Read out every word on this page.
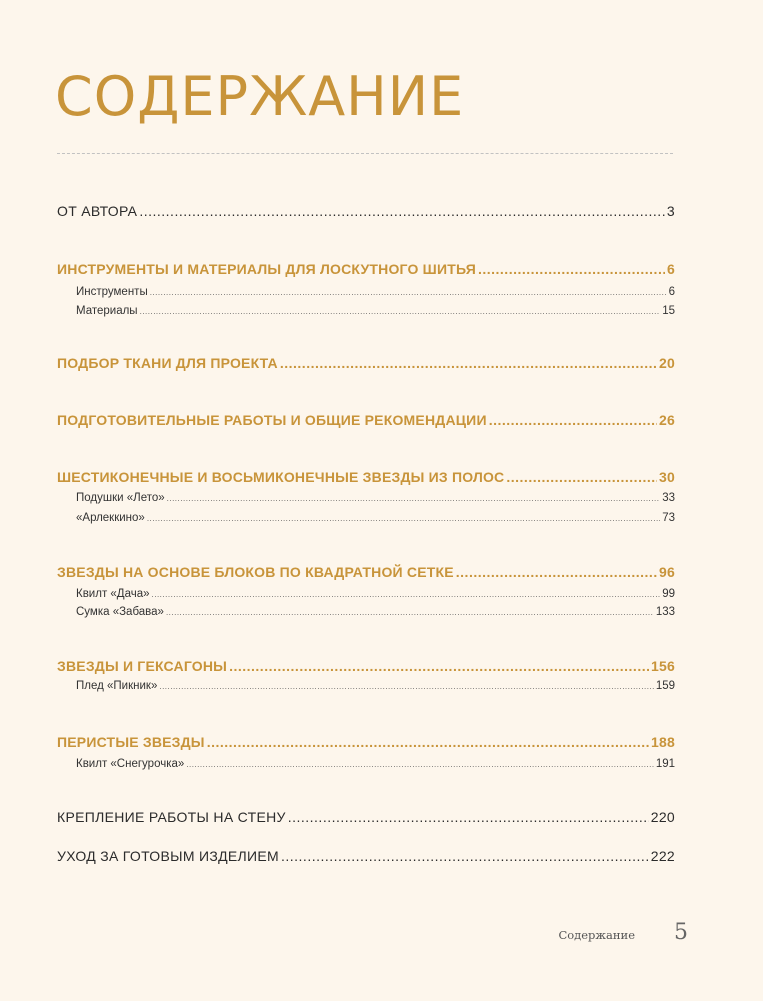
СОДЕРЖАНИЕ
ОТ АВТОРА .....	3
ИНСТРУМЕНТЫ И МАТЕРИАЛЫ ДЛЯ ЛОСКУТНОГО ШИТЬЯ .....	6
Инструменты .....	6
Материалы .....	15
ПОДБОР ТКАНИ ДЛЯ ПРОЕКТА .....	20
ПОДГОТОВИТЕЛЬНЫЕ РАБОТЫ И ОБЩИЕ РЕКОМЕНДАЦИИ .....	26
ШЕСТИКОНЕЧНЫЕ И ВОСЬМИКОНЕЧНЫЕ ЗВЕЗДЫ ИЗ ПОЛОС .....	30
Подушки «Лето» .....	33
«Арлеккино» .....	73
ЗВЕЗДЫ НА ОСНОВЕ БЛОКОВ ПО КВАДРАТНОЙ СЕТКЕ .....	96
Квилт «Дача» .....	99
Сумка «Забава» .....	133
ЗВЕЗДЫ И ГЕКСАГОНЫ .....	156
Плед «Пикник» .....	159
ПЕРИСТЫЕ ЗВЕЗДЫ .....	188
Квилт «Снегурочка» .....	191
КРЕПЛЕНИЕ РАБОТЫ НА СТЕНУ .....	220
УХОД ЗА ГОТОВЫМ ИЗДЕЛИЕМ .....	222
Содержание 5
